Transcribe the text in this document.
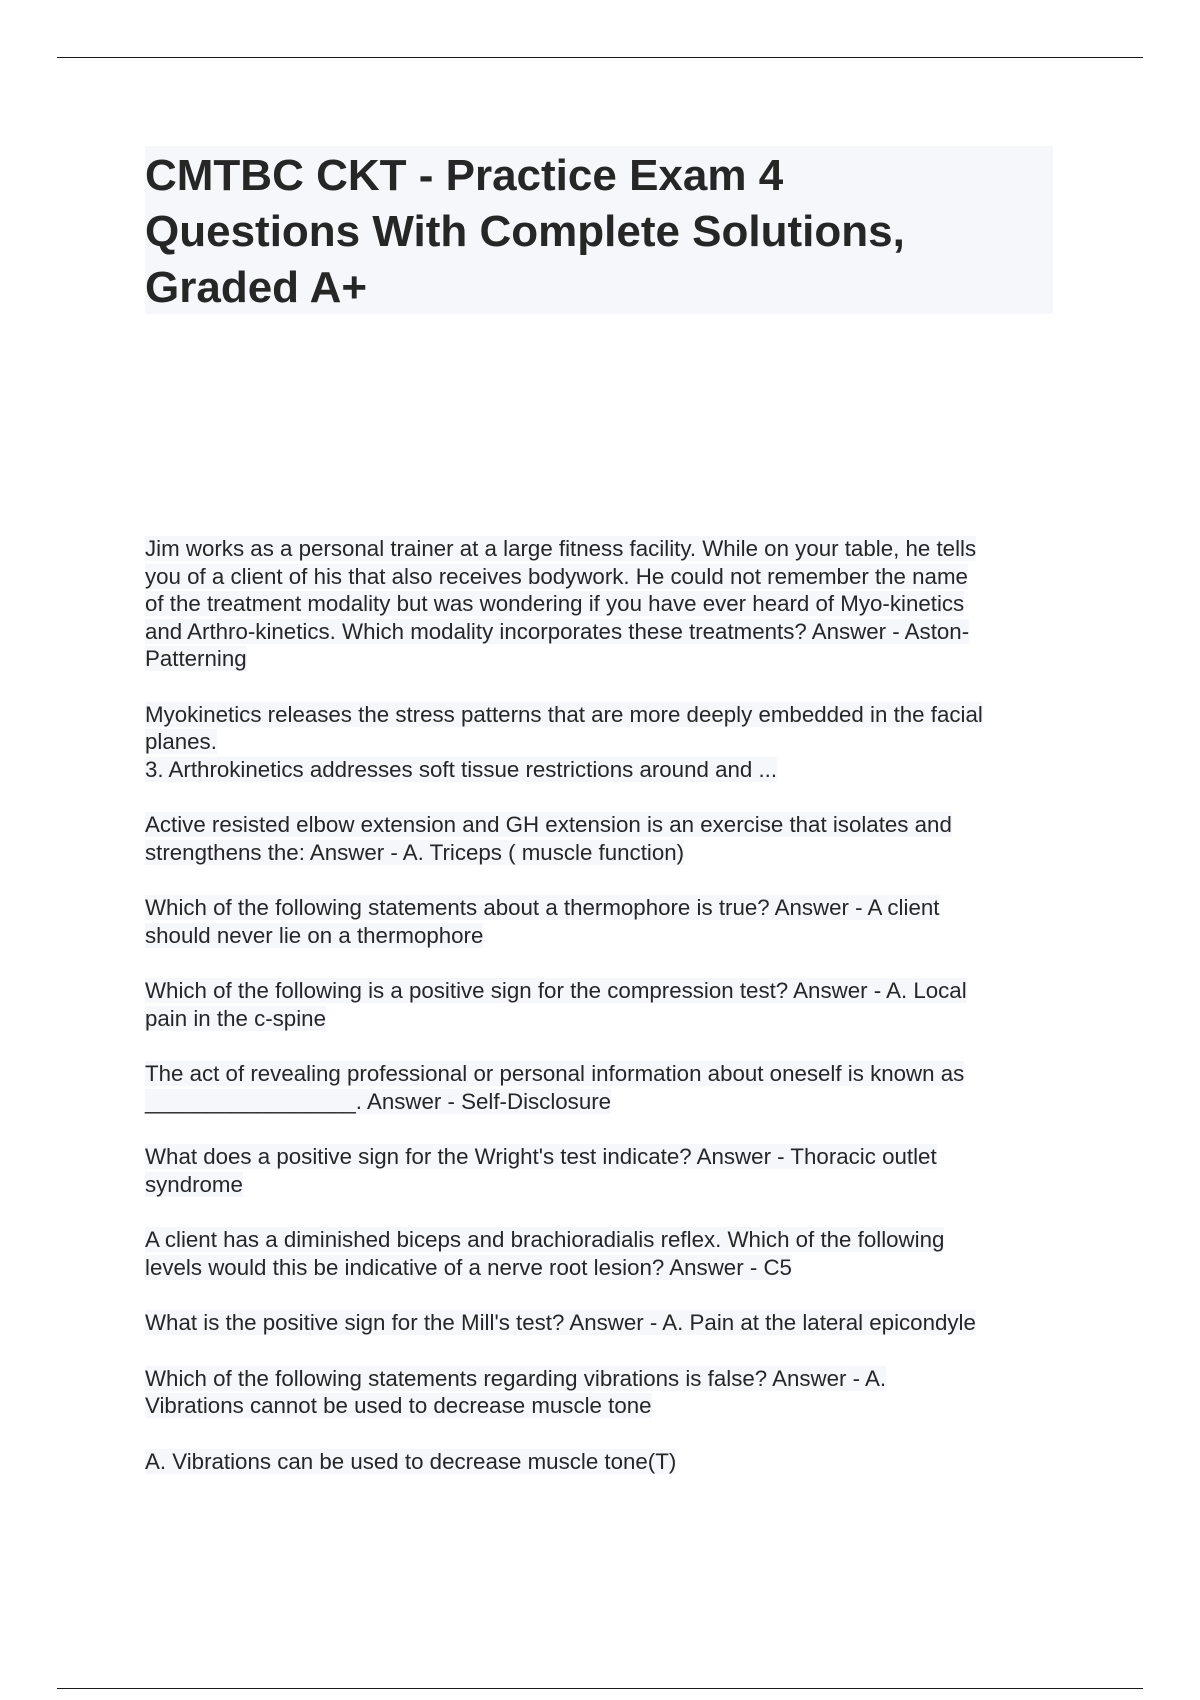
CMTBC CKT - Practice Exam 4
Questions With Complete Solutions,
Graded A+

Jim works as a personal trainer at a large fitness facility. While on your table, he tells
you of a client of his that also receives bodywork. He could not remember the name
of the treatment modality but was wondering if you have ever heard of Myo-kinetics
and Arthro-kinetics. Which modality incorporates these treatments? Answer - Aston-
Patterning

Myokinetics releases the stress patterns that are more deeply embedded in the facial
planes.
3. Arthrokinetics addresses soft tissue restrictions around and ...

Active resisted elbow extension and GH extension is an exercise that isolates and
strengthens the: Answer - A. Triceps ( muscle function)

Which of the following statements about a thermophore is true? Answer - A client
should never lie on a thermophore

Which of the following is a positive sign for the compression test? Answer - A. Local
pain in the c-spine

The act of revealing professional or personal information about oneself is known as
_________________. Answer - Self-Disclosure

What does a positive sign for the Wright's test indicate? Answer - Thoracic outlet
syndrome

A client has a diminished biceps and brachioradialis reflex. Which of the following
levels would this be indicative of a nerve root lesion? Answer - C5

What is the positive sign for the Mill's test? Answer - A. Pain at the lateral epicondyle

Which of the following statements regarding vibrations is false? Answer - A.
Vibrations cannot be used to decrease muscle tone

A. Vibrations can be used to decrease muscle tone(T)
